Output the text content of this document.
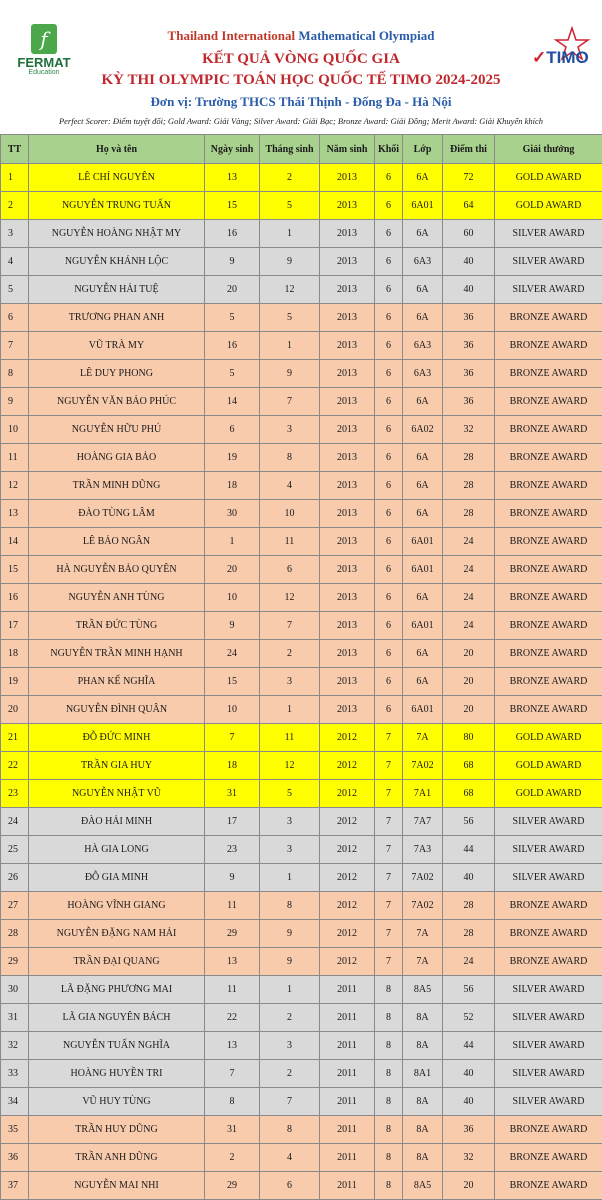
f
FERMAT
Education
Thailand International Mathematical Olympiad
KẾT QUẢ VÒNG QUỐC GIA
KỲ THI OLYMPIC TOÁN HỌC QUỐC TẾ TIMO 2024-2025
Đơn vị: Trường THCS Thái Thịnh - Đống Đa - Hà Nội
Perfect Scorer: Điểm tuyệt đối; Gold Award: Giải Vàng; Silver Award: Giải Bạc; Bronze Award: Giải Đồng; Merit Award: Giải Khuyến khích
✓TIMO
TT	Họ và tên	Ngày sinh	Tháng sinh	Năm sinh	Khối	Lớp	Điểm thi	Giải thưởng
1	LÊ CHÍ NGUYÊN	13	2	2013	6	6A	72	GOLD AWARD
2	NGUYỄN TRUNG TUẤN	15	5	2013	6	6A01	64	GOLD AWARD
3	NGUYỄN HOÀNG NHẬT MY	16	1	2013	6	6A	60	SILVER AWARD
4	NGUYỄN KHÁNH LỘC	9	9	2013	6	6A3	40	SILVER AWARD
5	NGUYỄN HẢI TUỆ	20	12	2013	6	6A	40	SILVER AWARD
6	TRƯƠNG PHAN ANH	5	5	2013	6	6A	36	BRONZE AWARD
7	VŨ TRÀ MY	16	1	2013	6	6A3	36	BRONZE AWARD
8	LÊ DUY PHONG	5	9	2013	6	6A3	36	BRONZE AWARD
9	NGUYỄN VĂN BẢO PHÚC	14	7	2013	6	6A	36	BRONZE AWARD
10	NGUYỄN HỮU PHÚ	6	3	2013	6	6A02	32	BRONZE AWARD
11	HOÀNG GIA BẢO	19	8	2013	6	6A	28	BRONZE AWARD
12	TRẦN MINH DŨNG	18	4	2013	6	6A	28	BRONZE AWARD
13	ĐÀO TÙNG LÂM	30	10	2013	6	6A	28	BRONZE AWARD
14	LÊ BẢO NGÂN	1	11	2013	6	6A01	24	BRONZE AWARD
15	HÀ NGUYỄN BẢO QUYÊN	20	6	2013	6	6A01	24	BRONZE AWARD
16	NGUYỄN ANH TÙNG	10	12	2013	6	6A	24	BRONZE AWARD
17	TRẦN ĐỨC TÙNG	9	7	2013	6	6A01	24	BRONZE AWARD
18	NGUYỄN TRẦN MINH HẠNH	24	2	2013	6	6A	20	BRONZE AWARD
19	PHAN KẾ NGHĨA	15	3	2013	6	6A	20	BRONZE AWARD
20	NGUYỄN ĐÌNH QUÂN	10	1	2013	6	6A01	20	BRONZE AWARD
21	ĐỖ ĐỨC MINH	7	11	2012	7	7A	80	GOLD AWARD
22	TRẦN GIA HUY	18	12	2012	7	7A02	68	GOLD AWARD
23	NGUYỄN NHẬT VŨ	31	5	2012	7	7A1	68	GOLD AWARD
24	ĐÀO HẢI MINH	17	3	2012	7	7A7	56	SILVER AWARD
25	HÀ GIA LONG	23	3	2012	7	7A3	44	SILVER AWARD
26	ĐỖ GIA MINH	9	1	2012	7	7A02	40	SILVER AWARD
27	HOÀNG VĨNH GIANG	11	8	2012	7	7A02	28	BRONZE AWARD
28	NGUYỄN ĐẶNG NAM HẢI	29	9	2012	7	7A	28	BRONZE AWARD
29	TRẦN ĐẠI QUANG	13	9	2012	7	7A	24	BRONZE AWARD
30	LÃ ĐẶNG PHƯƠNG MAI	11	1	2011	8	8A5	56	SILVER AWARD
31	LÃ GIA NGUYÊN BÁCH	22	2	2011	8	8A	52	SILVER AWARD
32	NGUYỄN TUẤN NGHĨA	13	3	2011	8	8A	44	SILVER AWARD
33	HOÀNG HUYỀN TRI	7	2	2011	8	8A1	40	SILVER AWARD
34	VŨ HUY TÙNG	8	7	2011	8	8A	40	SILVER AWARD
35	TRẦN HUY DŨNG	31	8	2011	8	8A	36	BRONZE AWARD
36	TRẦN ANH DŨNG	2	4	2011	8	8A	32	BRONZE AWARD
37	NGUYỄN MAI NHI	29	6	2011	8	8A5	20	BRONZE AWARD
